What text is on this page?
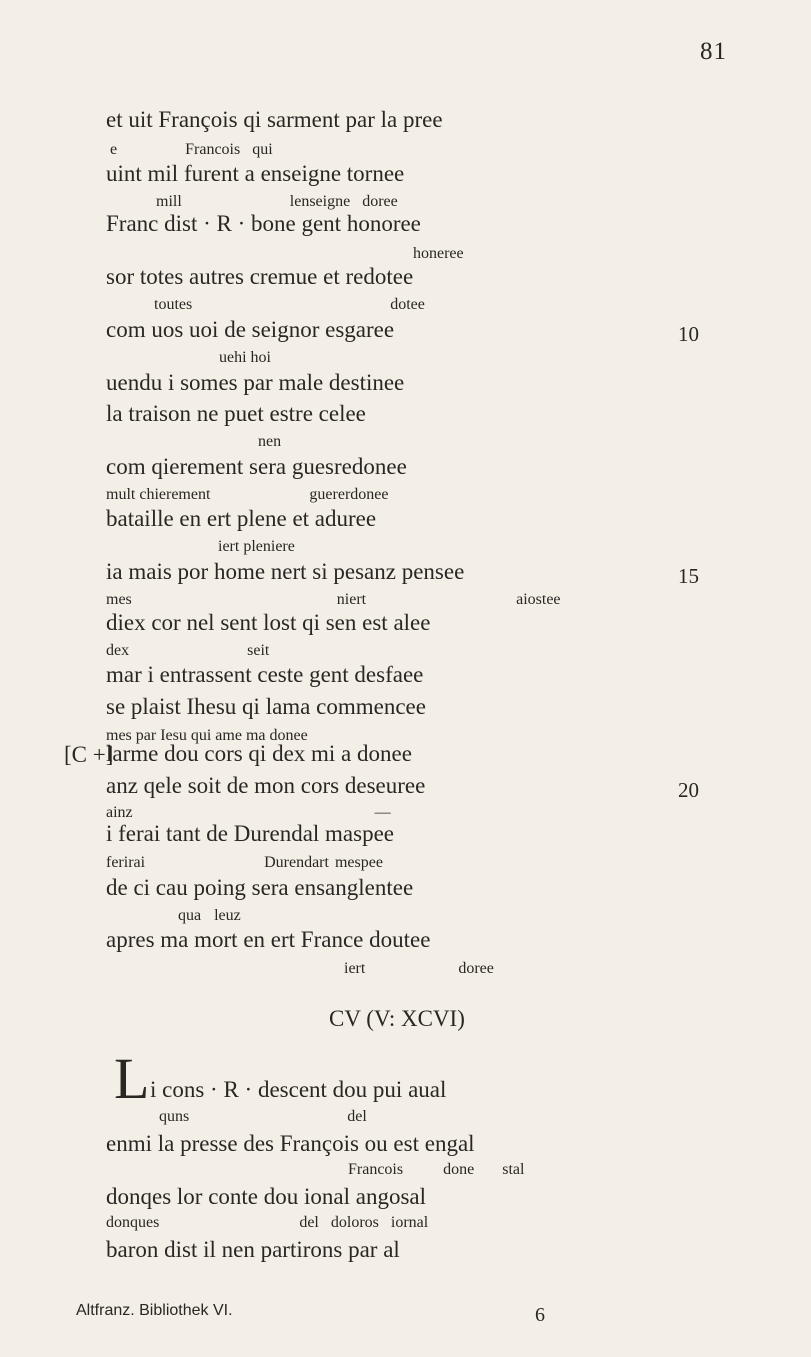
81
et uit François qi sarment par la pree
e	Francois qui
uint mil furent a enseigne tornee
mill	lenseigne doree
Franc dist · R · bone gent honoree
honeree
sor totes autres cremue et redotee
toutes	dotee
com uos uoi de seignor esgaree	10
uehi hoi
uendu i somes par male destinee
la traison ne puet estre celee
nen
com qierement sera guesredonee
mult chierement	guererdonee
bataille en ert plene et aduree
iert pleniere
ia mais por home nert si pesanz pensee	15
mes	niert	aiostee
diex cor nel sent lost qi sen est alee
dex	seit
mar i entrassent ceste gent desfaee
se plaist Ihesu qi lama commencee
mes par Iesu qui ame ma donee
[C +]
larme dou cors qi dex mi a donee
anz qele soit de mon cors deseuree	20
ainz	—
i ferai tant de Durendal maspee
ferirai	Durendart mespee
de ci cau poing sera ensanglentee
qua leuz
apres ma mort en ert France doutee
iert	doree
CV (V: XCVI)
L i cons · R · descent dou pui aual
quns	del
enmi la presse des François ou est engal
Francois	done stal
donqes lor conte dou ional angosal
donques	del doloros iornal
baron dist il nen partirons par al
Altfranz. Bibliothek VI.	6
